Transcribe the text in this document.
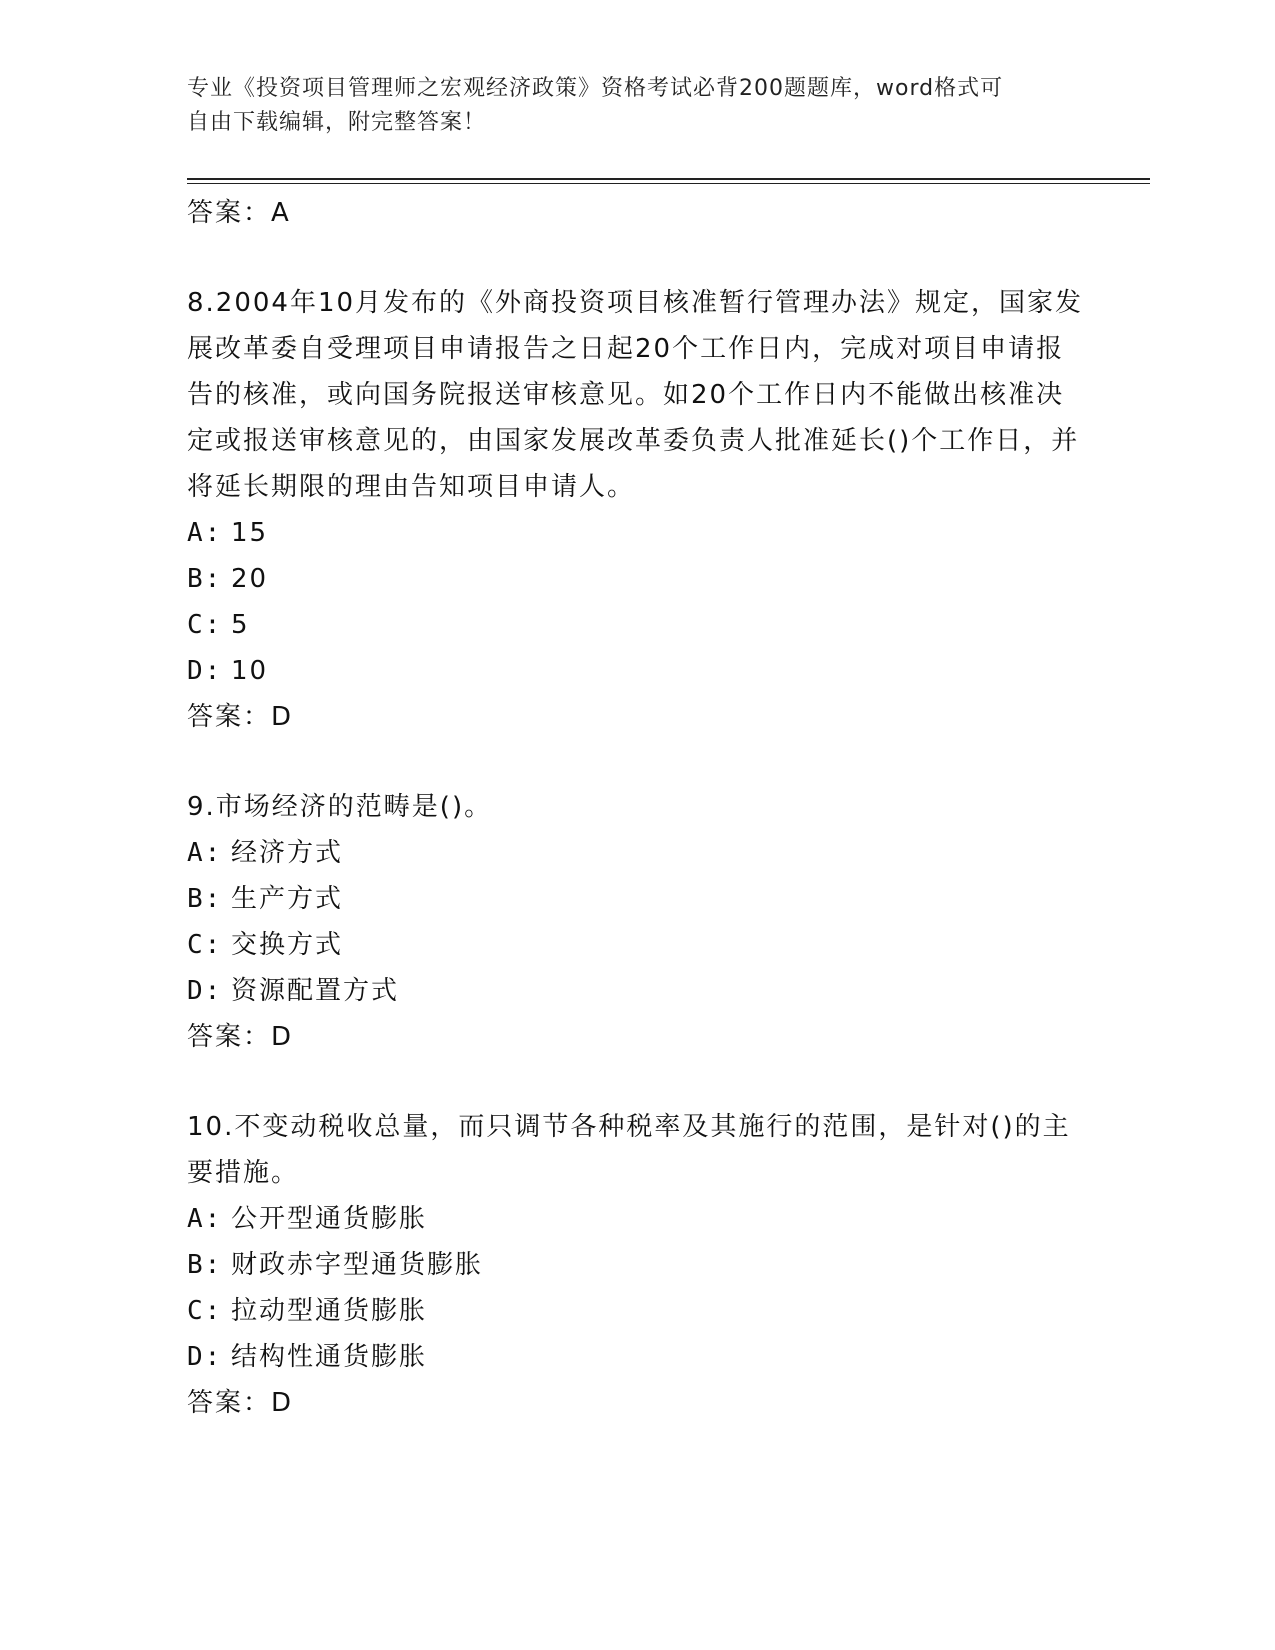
专业《投资项目管理师之宏观经济政策》资格考试必背200题题库，word格式可
自由下载编辑，附完整答案！
答案：A
8.2004年10月发布的《外商投资项目核准暂行管理办法》规定，国家发展改革委自受理项目申请报告之日起20个工作日内，完成对项目申请报告的核准，或向国务院报送审核意见。如20个工作日内不能做出核准决定或报送审核意见的，由国家发展改革委负责人批准延长()个工作日，并将延长期限的理由告知项目申请人。
A: 15
B: 20
C: 5
D: 10
答案：D
9.市场经济的范畴是()。
A: 经济方式
B: 生产方式
C: 交换方式
D: 资源配置方式
答案：D
10.不变动税收总量，而只调节各种税率及其施行的范围，是针对()的主要措施。
A: 公开型通货膨胀
B: 财政赤字型通货膨胀
C: 拉动型通货膨胀
D: 结构性通货膨胀
答案：D
